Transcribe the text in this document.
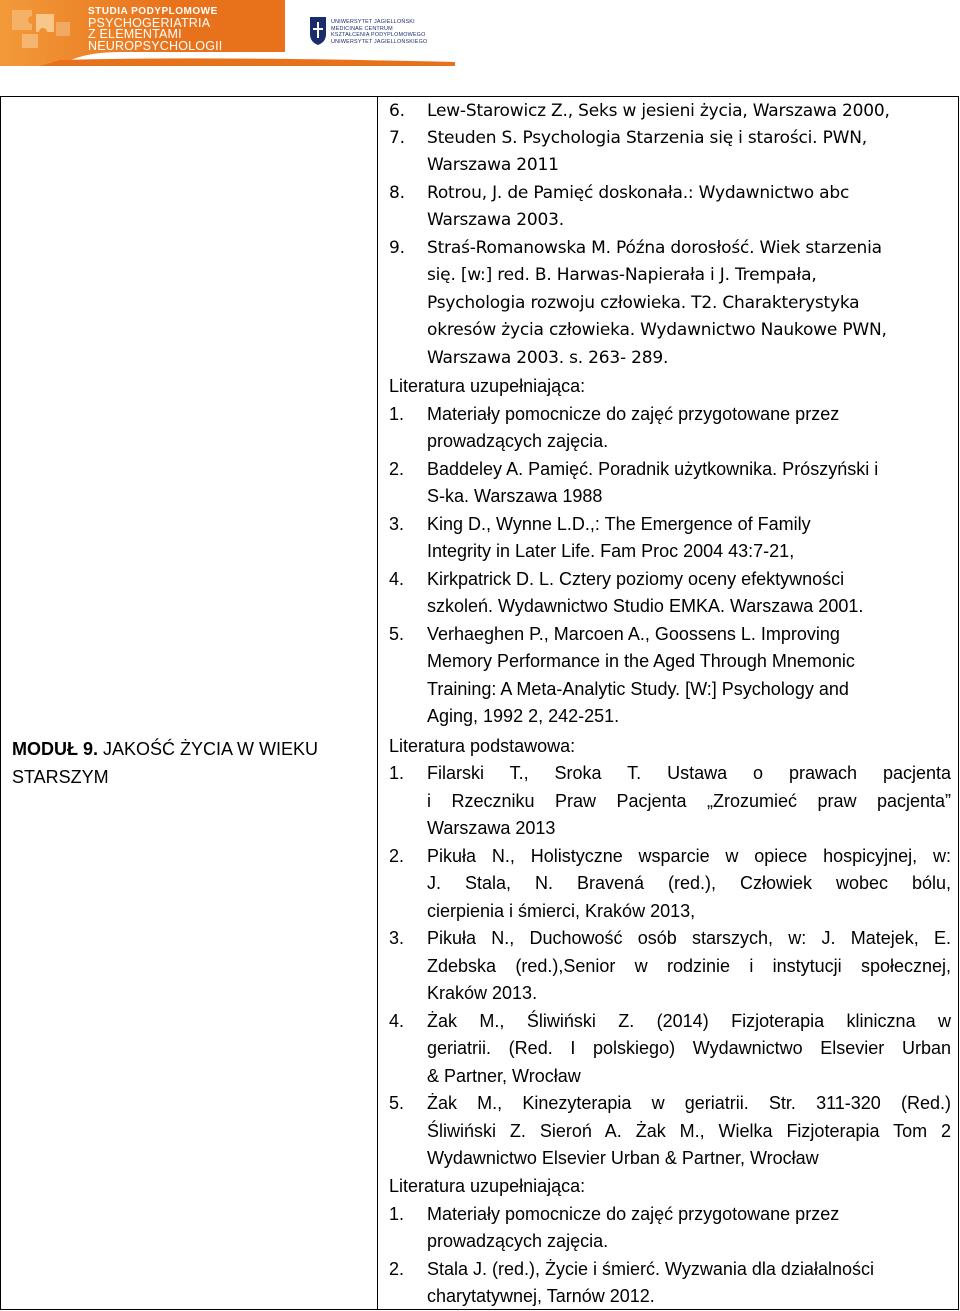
STUDIA PODYPLOMOWE
PSYCHOGERIATRIA
Z ELEMENTAMI
NEUROPSYCHOLOGII
UNIWERSYTET JAGIELLOŃSKI
MEDICINAE CENTRUM
KSZTAŁCENIA PODYPLOMOWEGO
UNIWERSYTET JAGIELLOŃSKIEGO
MODUŁ 9. JAKOŚĆ ŻYCIA W WIEKU STARSZYM
6. Lew-Starowicz Z., Seks w jesieni życia, Warszawa 2000,
7. Steuden S. Psychologia Starzenia się i starości. PWN,
Warszawa 2011
8. Rotrou, J. de Pamięć doskonała.: Wydawnictwo abc
Warszawa 2003.
9. Straś-Romanowska M. Późna dorosłość. Wiek starzenia
się. [w:] red. B. Harwas-Napierała i J. Trempała,
Psychologia rozwoju człowieka. T2. Charakterystyka
okresów życia człowieka. Wydawnictwo Naukowe PWN,
Warszawa 2003. s. 263- 289.
Literatura uzupełniająca:
1. Materiały pomocnicze do zajęć przygotowane przez
prowadzących zajęcia.
2. Baddeley A. Pamięć. Poradnik użytkownika. Prószyński i
S-ka. Warszawa 1988
3. King D., Wynne L.D.,: The Emergence of Family
Integrity in Later Life. Fam Proc 2004 43:7-21,
4. Kirkpatrick D. L. Cztery poziomy oceny efektywności
szkoleń. Wydawnictwo Studio EMKA. Warszawa 2001.
5. Verhaeghen P., Marcoen A., Goossens L. Improving
Memory Performance in the Aged Through Mnemonic
Training: A Meta-Analytic Study. [W:] Psychology and
Aging, 1992 2, 242-251.
Literatura podstawowa:
1. Filarski T., Sroka T. Ustawa o prawach pacjenta
i Rzeczniku Praw Pacjenta „Zrozumieć praw pacjenta”
Warszawa 2013
2. Pikuła N., Holistyczne wsparcie w opiece hospicyjnej, w:
J. Stala, N. Bravená (red.), Człowiek wobec bólu,
cierpienia i śmierci, Kraków 2013,
3. Pikuła N., Duchowość osób starszych, w: J. Matejek, E.
Zdebska (red.),Senior w rodzinie i instytucji społecznej,
Kraków 2013.
4. Żak M., Śliwiński Z. (2014) Fizjoterapia kliniczna w
geriatrii. (Red. I polskiego) Wydawnictwo Elsevier Urban
& Partner, Wrocław
5. Żak M., Kinezyterapia w geriatrii. Str. 311-320 (Red.)
Śliwiński Z. Sieroń A. Żak M., Wielka Fizjoterapia Tom 2
Wydawnictwo Elsevier Urban & Partner, Wrocław
Literatura uzupełniająca:
1. Materiały pomocnicze do zajęć przygotowane przez
prowadzących zajęcia.
2. Stala J. (red.), Życie i śmierć. Wyzwania dla działalności
charytatywnej, Tarnów 2012.
